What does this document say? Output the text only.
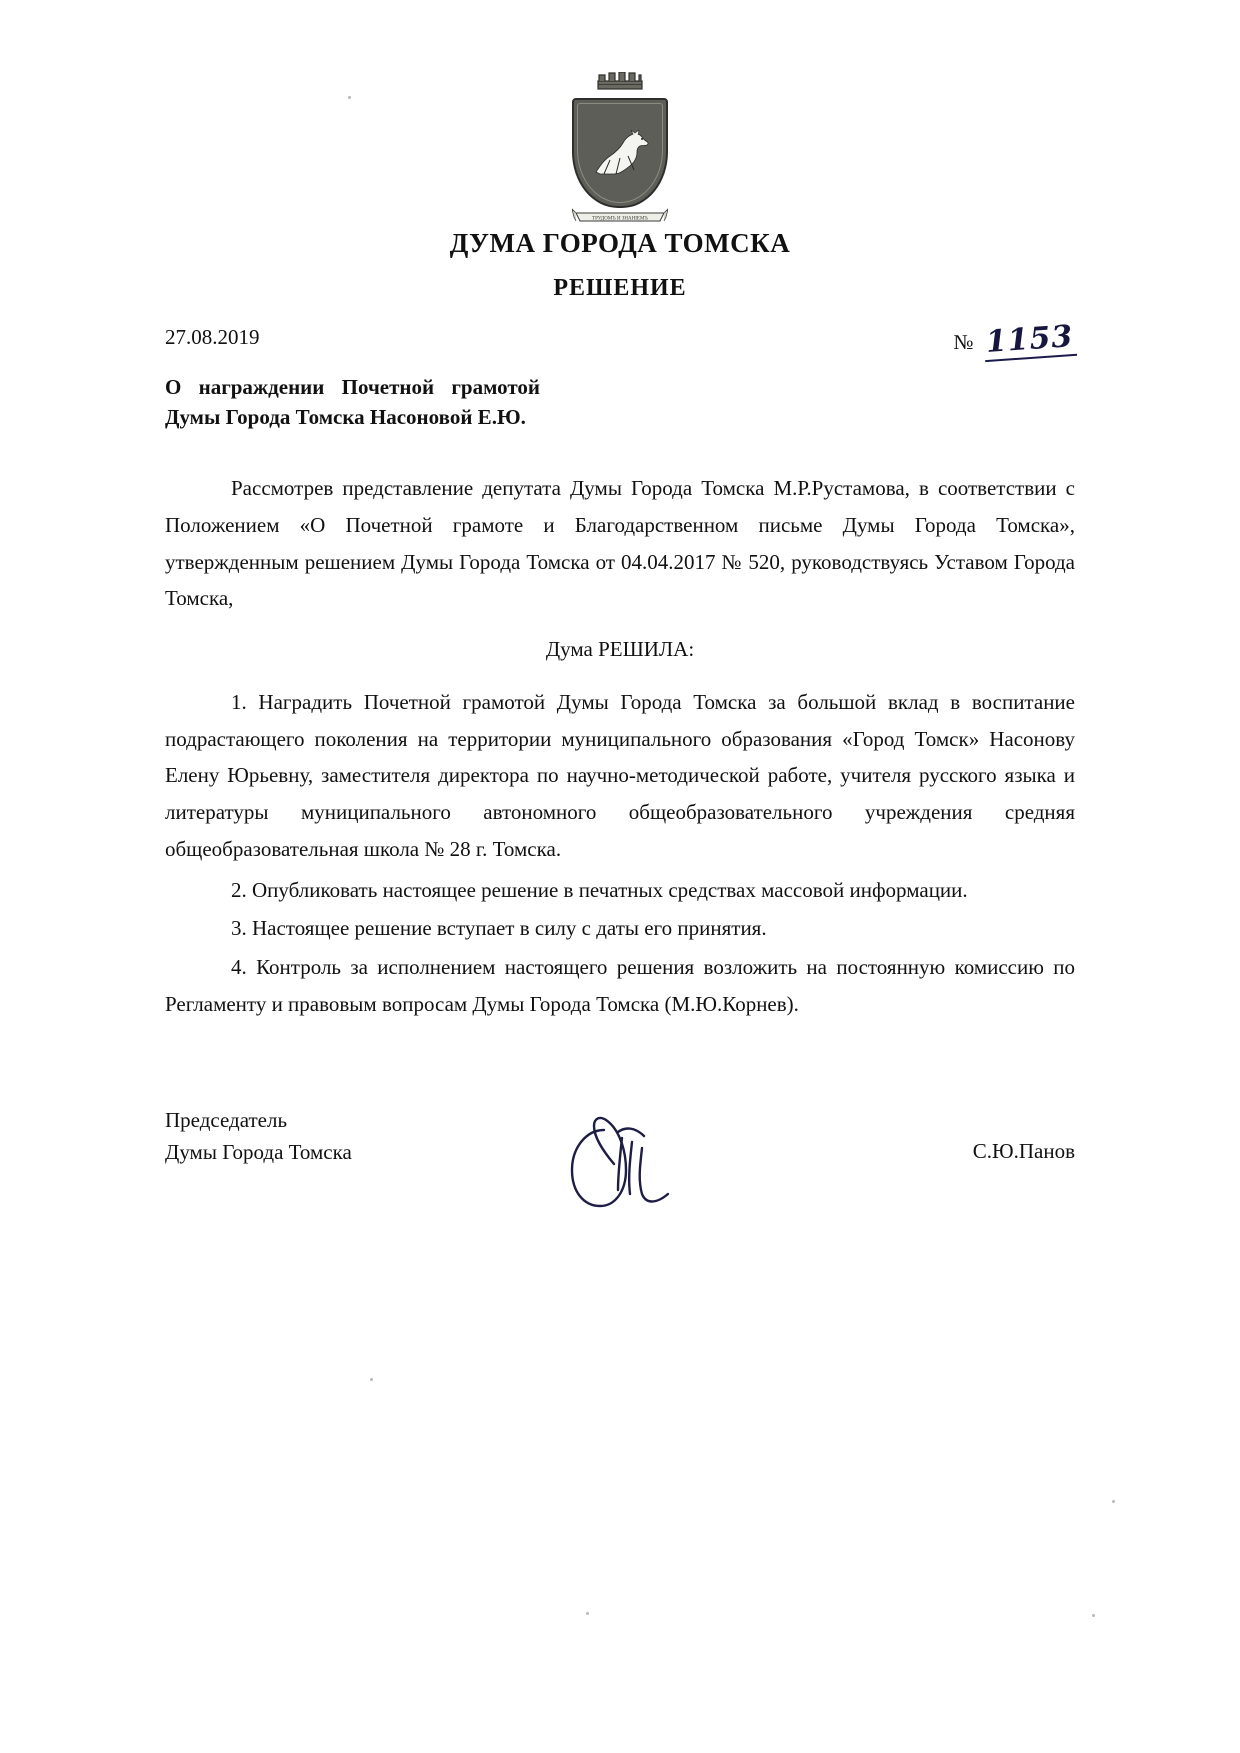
ТРУДОМЪ И ЗНАНІЕМЪ
ДУМА ГОРОДА ТОМСКА
РЕШЕНИЕ
27.08.2019	№ 1153
О награждении Почетной грамотой Думы Города Томска Насоновой Е.Ю.

Рассмотрев представление депутата Думы Города Томска М.Р.Рустамова, в соответствии с Положением «О Почетной грамоте и Благодарственном письме Думы Города Томска», утвержденным решением Думы Города Томска от 04.04.2017 № 520, руководствуясь Уставом Города Томска,

Дума РЕШИЛА:

1. Наградить Почетной грамотой Думы Города Томска за большой вклад в воспитание подрастающего поколения на территории муниципального образования «Город Томск» Насонову Елену Юрьевну, заместителя директора по научно-методической работе, учителя русского языка и литературы муниципального автономного общеобразовательного учреждения средняя общеобразовательная школа № 28 г. Томска.

2. Опубликовать настоящее решение в печатных средствах массовой информации.

3. Настоящее решение вступает в силу с даты его принятия.

4. Контроль за исполнением настоящего решения возложить на постоянную комиссию по Регламенту и правовым вопросам Думы Города Томска (М.Ю.Корнев).

Председатель
Думы Города Томска	С.Ю.Панов
